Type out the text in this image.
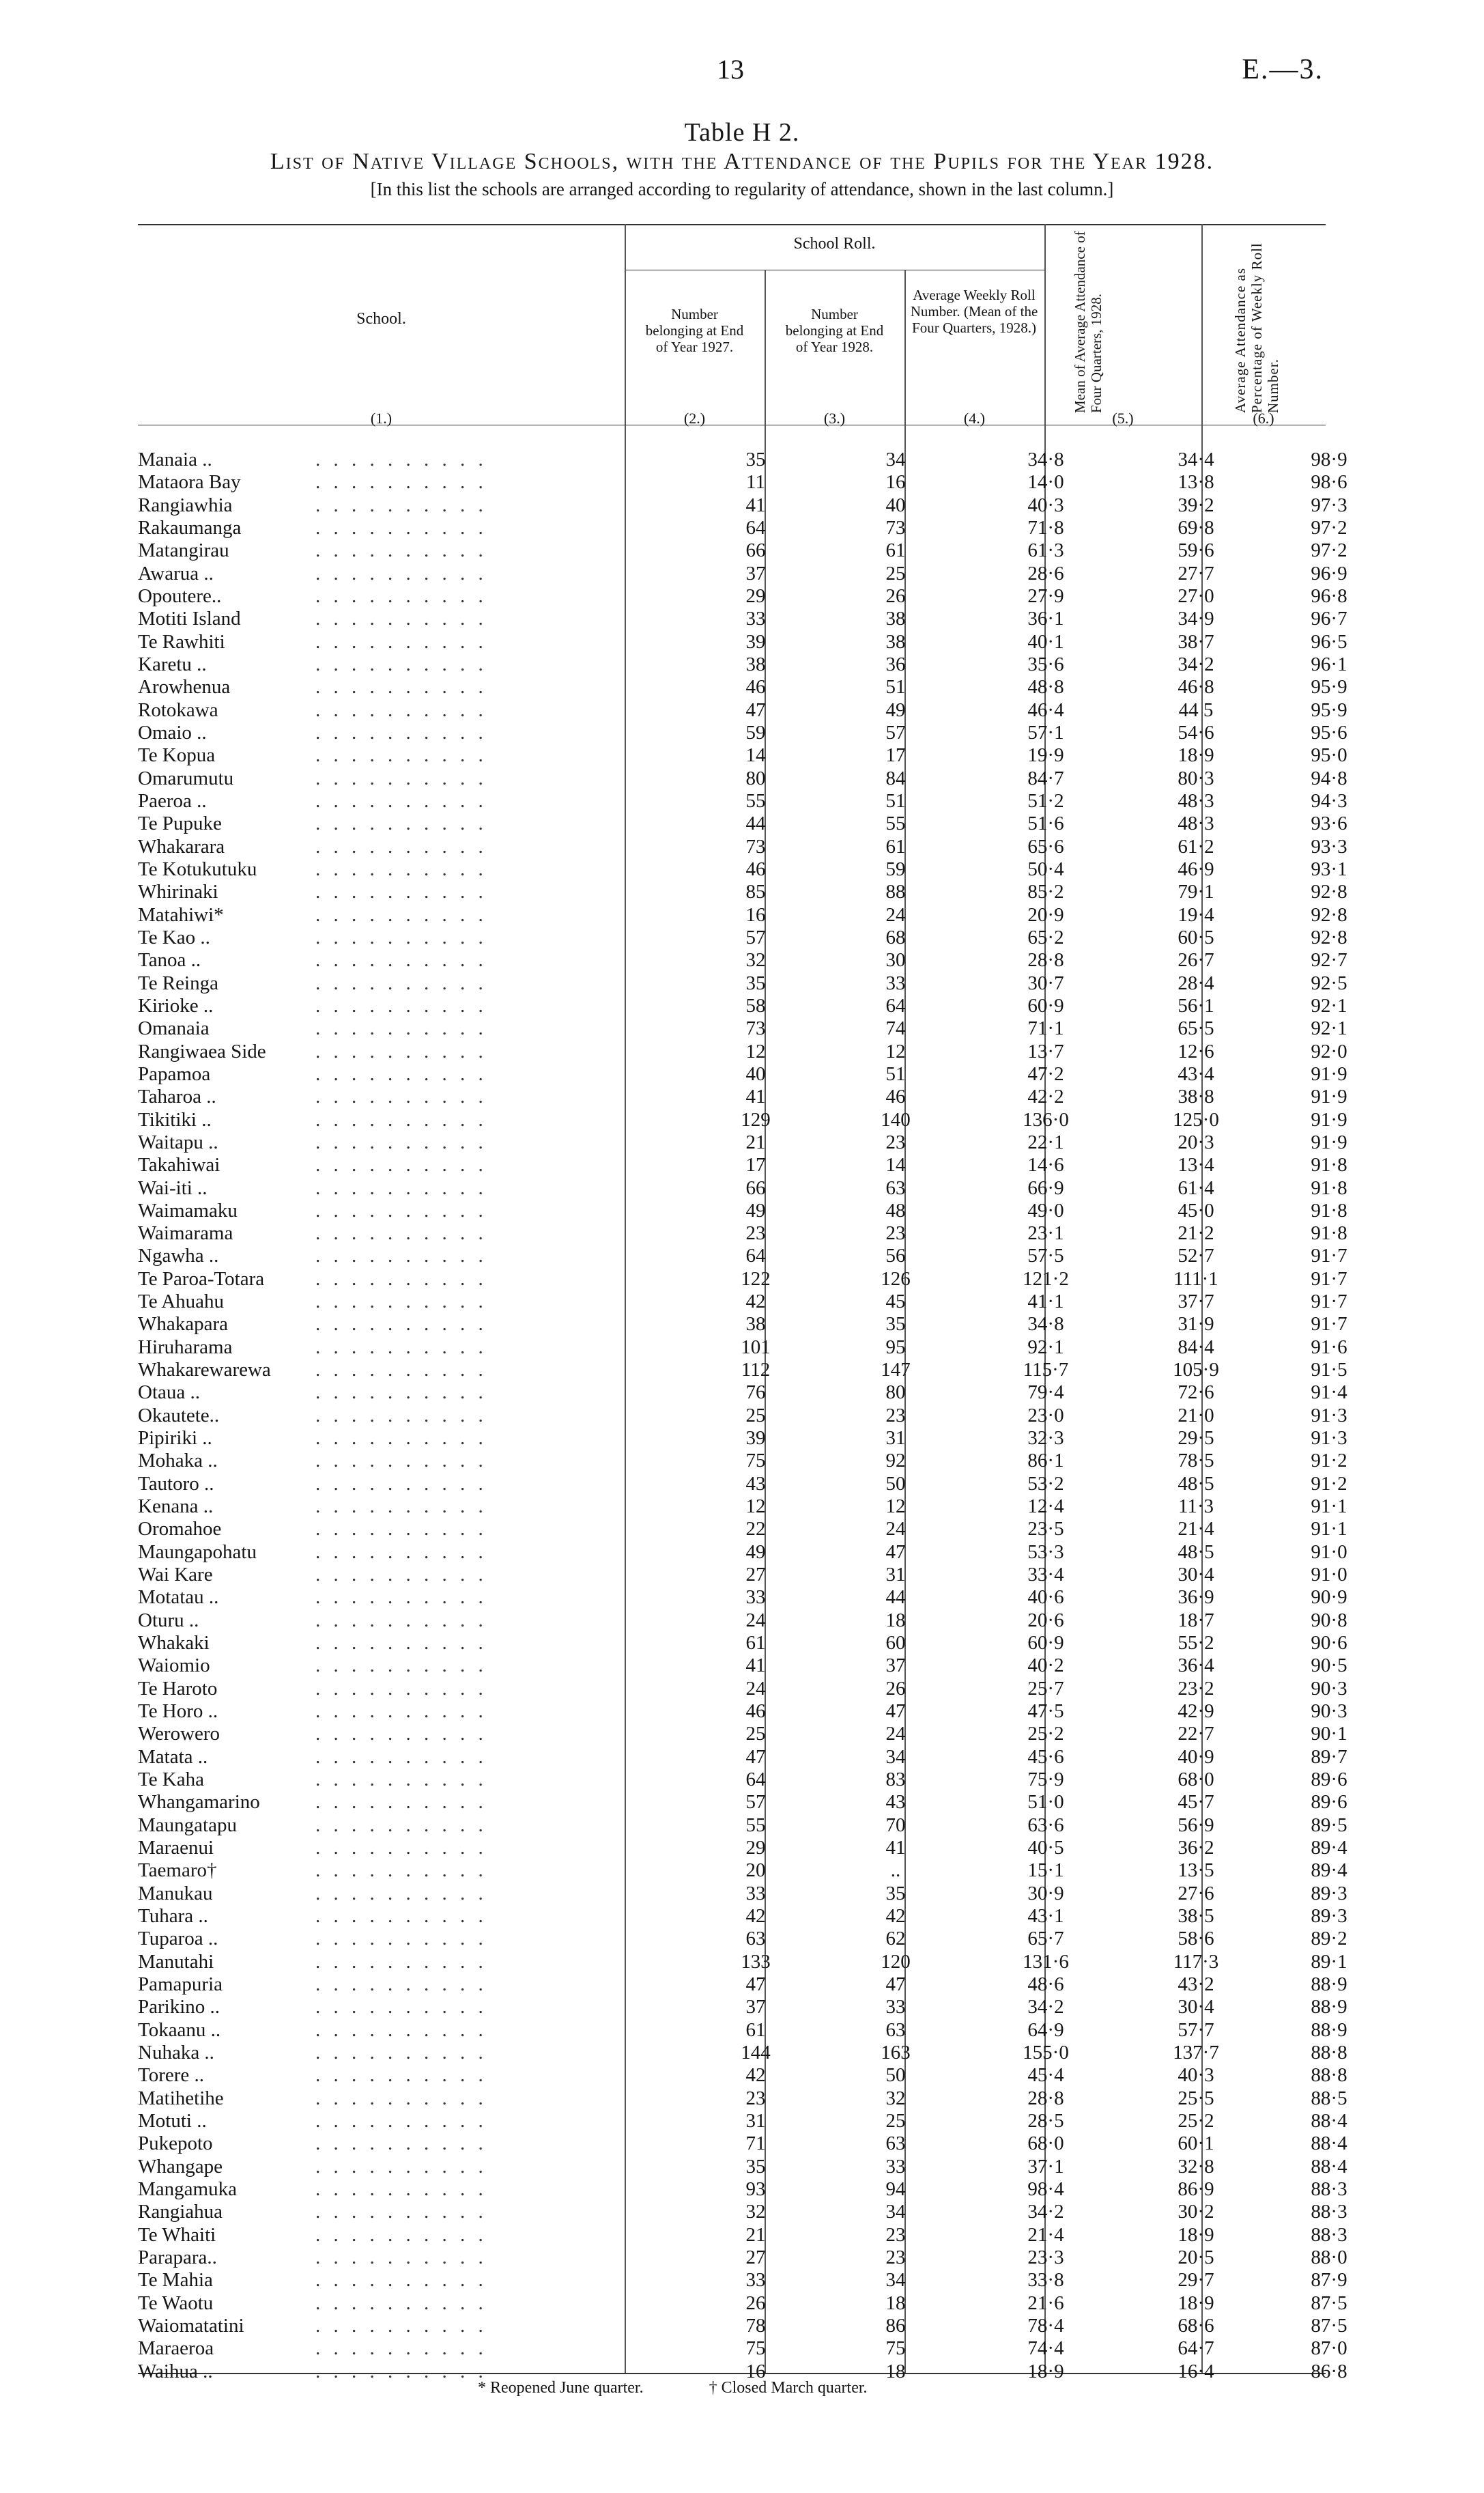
13	E.—3.
Table H 2.
List of Native Village Schools, with the Attendance of the Pupils for the Year 1928.
[In this list the schools are arranged according to regularity of attendance, shown in the last column.]
School.
School Roll.
Number belonging at End of Year 1927.
Number belonging at End of Year 1928.
Average Weekly Roll Number. (Mean of the Four Quarters, 1928.)	Mean of Average Attendance of Four Quarters, 1928.	Average Attendance as Percentage of Weekly Roll Number.
(1.)	(2.)	(3.)	(4.)	(5.)	(6.)
Manaia ..	. . . . . . . . . .	35	34	34·8	34·4	98·9
Mataora Bay	. . . . . . . . . .	11	16	14·0	13·8	98·6
Rangiawhia	. . . . . . . . . .	41	40	40·3	39·2	97·3
Rakaumanga	. . . . . . . . . .	64	73	71·8	69·8	97·2
Matangirau	. . . . . . . . . .	66	61	61·3	59·6	97·2
Awarua ..	. . . . . . . . . .	37	25	28·6	27·7	96·9
Opoutere..	. . . . . . . . . .	29	26	27·9	27·0	96·8
Motiti Island	. . . . . . . . . .	33	38	36·1	34·9	96·7
Te Rawhiti	. . . . . . . . . .	39	38	40·1	38·7	96·5
Karetu ..	. . . . . . . . . .	38	36	35·6	34·2	96·1
Arowhenua	. . . . . . . . . .	46	51	48·8	46·8	95·9
Rotokawa	. . . . . . . . . .	47	49	46·4	44 5	95·9
Omaio ..	. . . . . . . . . .	59	57	57·1	54·6	95·6
Te Kopua	. . . . . . . . . .	14	17	19·9	18·9	95·0
Omarumutu	. . . . . . . . . .	80	84	84·7	80·3	94·8
Paeroa ..	. . . . . . . . . .	55	51	51·2	48·3	94·3
Te Pupuke	. . . . . . . . . .	44	55	51·6	48·3	93·6
Whakarara	. . . . . . . . . .	73	61	65·6	61·2	93·3
Te Kotukutuku	. . . . . . . . . .	46	59	50·4	46·9	93·1
Whirinaki	. . . . . . . . . .	85	88	85·2	79·1	92·8
Matahiwi*	. . . . . . . . . .	16	24	20·9	19·4	92·8
Te Kao ..	. . . . . . . . . .	57	68	65·2	60·5	92·8
Tanoa ..	. . . . . . . . . .	32	30	28·8	26·7	92·7
Te Reinga	. . . . . . . . . .	35	33	30·7	28·4	92·5
Kirioke ..	. . . . . . . . . .	58	64	60·9	56·1	92·1
Omanaia	. . . . . . . . . .	73	74	71·1	65·5	92·1
Rangiwaea Side . . . . . . . . . .	12	12	13·7	12·6	92·0
Papamoa	. . . . . . . . . .	40	51	47·2	43·4	91·9
Taharoa ..	. . . . . . . . . .	41	46	42·2	38·8	91·9
Tikitiki ..	. . . . . . . . . .	129	140	136·0	125·0	91·9
Waitapu ..	. . . . . . . . . .	21	23	22·1	20·3	91·9
Takahiwai	. . . . . . . . . .	17	14	14·6	13·4	91·8
Wai-iti ..	. . . . . . . . . .	66	63	66·9	61·4	91·8
Waimamaku	. . . . . . . . . .	49	48	49·0	45·0	91·8
Waimarama	. . . . . . . . . .	23	23	23·1	21·2	91·8
Ngawha ..	. . . . . . . . . .	64	56	57·5	52·7	91·7
Te Paroa-Totara	. . . . . . . . . .	122	126	121·2	111·1	91·7
Te Ahuahu	. . . . . . . . . .	42	45	41·1	37·7	91·7
Whakapara	. . . . . . . . . .	38	35	34·8	31·9	91·7
Hiruharama	. . . . . . . . . .	101	95	92·1	84·4	91·6
Whakarewarewa . . . . . . . . . .	112	147	115·7	105·9	91·5
Otaua ..	. . . . . . . . . .	76	80	79·4	72·6	91·4
Okautete..	. . . . . . . . . .	25	23	23·0	21·0	91·3
Pipiriki ..	. . . . . . . . . .	39	31	32·3	29·5	91·3
Mohaka ..	. . . . . . . . . .	75	92	86·1	78·5	91·2
Tautoro ..	. . . . . . . . . .	43	50	53·2	48·5	91·2
Kenana ..	. . . . . . . . . .	12	12	12·4	11·3	91·1
Oromahoe	. . . . . . . . . .	22	24	23·5	21·4	91·1
Maungapohatu	. . . . . . . . . .	49	47	53·3	48·5	91·0
Wai Kare	. . . . . . . . . .	27	31	33·4	30·4	91·0
Motatau ..	. . . . . . . . . .	33	44	40·6	36·9	90·9
Oturu ..	. . . . . . . . . .	24	18	20·6	18·7	90·8
Whakaki	. . . . . . . . . .	61	60	60·9	55·2	90·6
Waiomio	. . . . . . . . . .	41	37	40·2	36·4	90·5
Te Haroto	. . . . . . . . . .	24	26	25·7	23·2	90·3
Te Horo ..	. . . . . . . . . .	46	47	47·5	42·9	90·3
Werowero	. . . . . . . . . .	25	24	25·2	22·7	90·1
Matata ..	. . . . . . . . . .	47	34	45·6	40·9	89·7
Te Kaha	. . . . . . . . . .	64	83	75·9	68·0	89·6
Whangamarino	. . . . . . . . . .	57	43	51·0	45·7	89·6
Maungatapu	. . . . . . . . . .	55	70	63·6	56·9	89·5
Maraenui	. . . . . . . . . .	29	41	40·5	36·2	89·4
Taemaro†	. . . . . . . . . .	20	..	15·1	13·5	89·4
Manukau	. . . . . . . . . .	33	35	30·9	27·6	89·3
Tuhara ..	. . . . . . . . . .	42	42	43·1	38·5	89·3
Tuparoa ..	. . . . . . . . . .	63	62	65·7	58·6	89·2
Manutahi	. . . . . . . . . .	133	120	131·6	117·3	89·1
Pamapuria	. . . . . . . . . .	47	47	48·6	43·2	88·9
Parikino ..	. . . . . . . . . .	37	33	34·2	30·4	88·9
Tokaanu ..	. . . . . . . . . .	61	63	64·9	57·7	88·9
Nuhaka ..	. . . . . . . . . .	144	163	155·0	137·7	88·8
Torere ..	. . . . . . . . . .	42	50	45·4	40·3	88·8
Matihetihe	. . . . . . . . . .	23	32	28·8	25·5	88·5
Motuti ..	. . . . . . . . . .	31	25	28·5	25·2	88·4
Pukepoto	. . . . . . . . . .	71	63	68·0	60·1	88·4
Whangape	. . . . . . . . . .	35	33	37·1	32·8	88·4
Mangamuka	. . . . . . . . . .	93	94	98·4	86·9	88·3
Rangiahua	. . . . . . . . . .	32	34	34·2	30·2	88·3
Te Whaiti	. . . . . . . . . .	21	23	21·4	18·9	88·3
Parapara..	. . . . . . . . . .	27	23	23·3	20·5	88·0
Te Mahia	. . . . . . . . . .	33	34	33·8	29·7	87·9
Te Waotu	. . . . . . . . . .	26	18	21·6	18·9	87·5
Waiomatatini	. . . . . . . . . .	78	86	78·4	68·6	87·5
Maraeroa	. . . . . . . . . .	75	75	74·4	64·7	87·0
Waihua ..	. . . . . . . . . .	16	18	18·9	16·4	86·8
* Reopened June quarter.	† Closed March quarter.
